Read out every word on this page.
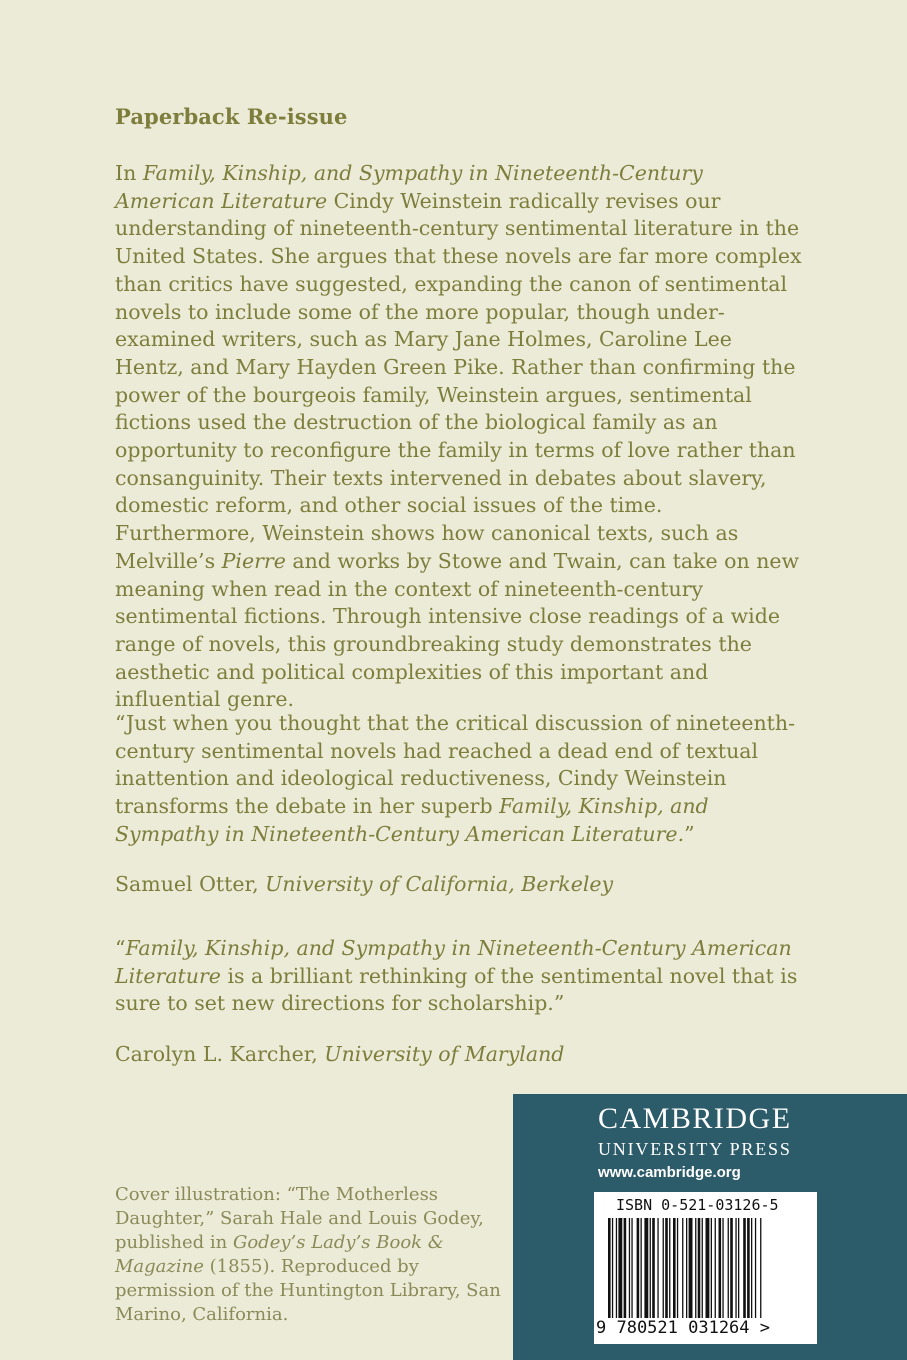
Paperback Re-issue
In Family, Kinship, and Sympathy in Nineteenth-Century American Literature Cindy Weinstein radically revises our understanding of nineteenth-century sentimental literature in the United States. She argues that these novels are far more complex than critics have suggested, expanding the canon of sentimental novels to include some of the more popular, though under-examined writers, such as Mary Jane Holmes, Caroline Lee Hentz, and Mary Hayden Green Pike. Rather than confirming the power of the bourgeois family, Weinstein argues, sentimental fictions used the destruction of the biological family as an opportunity to reconfigure the family in terms of love rather than consanguinity. Their texts intervened in debates about slavery, domestic reform, and other social issues of the time. Furthermore, Weinstein shows how canonical texts, such as Melville’s Pierre and works by Stowe and Twain, can take on new meaning when read in the context of nineteenth-century sentimental fictions. Through intensive close readings of a wide range of novels, this groundbreaking study demonstrates the aesthetic and political complexities of this important and influential genre.
“Just when you thought that the critical discussion of nineteenth-century sentimental novels had reached a dead end of textual inattention and ideological reductiveness, Cindy Weinstein transforms the debate in her superb Family, Kinship, and Sympathy in Nineteenth-Century American Literature.”
Samuel Otter, University of California, Berkeley
“Family, Kinship, and Sympathy in Nineteenth-Century American Literature is a brilliant rethinking of the sentimental novel that is sure to set new directions for scholarship.”
Carolyn L. Karcher, University of Maryland
Cover illustration: “The Motherless Daughter,” Sarah Hale and Louis Godey, published in Godey’s Lady’s Book & Magazine (1855). Reproduced by permission of the Huntington Library, San Marino, California.
CAMBRIDGE
UNIVERSITY PRESS
www.cambridge.org
ISBN 0-521-03126-5
9 780521 031264 >
